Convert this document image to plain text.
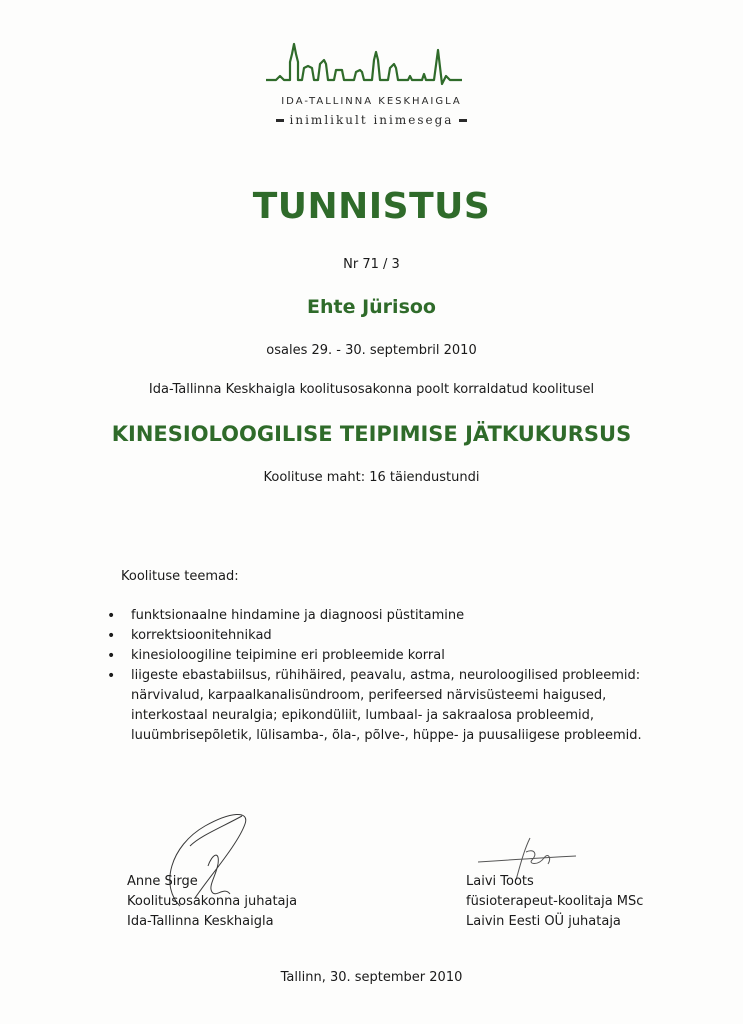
IDA-TALLINNA KESKHAIGLA
inimlikult inimesega
TUNNISTUS
Nr 71 / 3
Ehte Jürisoo
osales 29. - 30. septembril 2010
Ida-Tallinna Keskhaigla koolitusosakonna poolt korraldatud koolitusel
KINESIOLOOGILISE TEIPIMISE JÄTKUKURSUS
Koolituse maht: 16 täiendustundi
Koolituse teemad:
• funktsionaalne hindamine ja diagnoosi püstitamine
• korrektsioonitehnikad
• kinesioloogiline teipimine eri probleemide korral
• liigeste ebastabiilsus, rühihäired, peavalu, astma, neuroloogilised probleemid:
närvivalud, karpaalkanalisündroom, perifeersed närvisüsteemi haigused,
interkostaal neuralgia; epikondüliit, lumbaal- ja sakraalosa probleemid,
luuümbrisepõletik, lülisamba-, õla-, põlve-, hüppe- ja puusaliigese probleemid.
Anne Sirge
Koolitusosakonna juhataja
Ida-Tallinna Keskhaigla
Laivi Toots
füsioterapeut-koolitaja MSc
Laivin Eesti OÜ juhataja
Tallinn, 30. september 2010
